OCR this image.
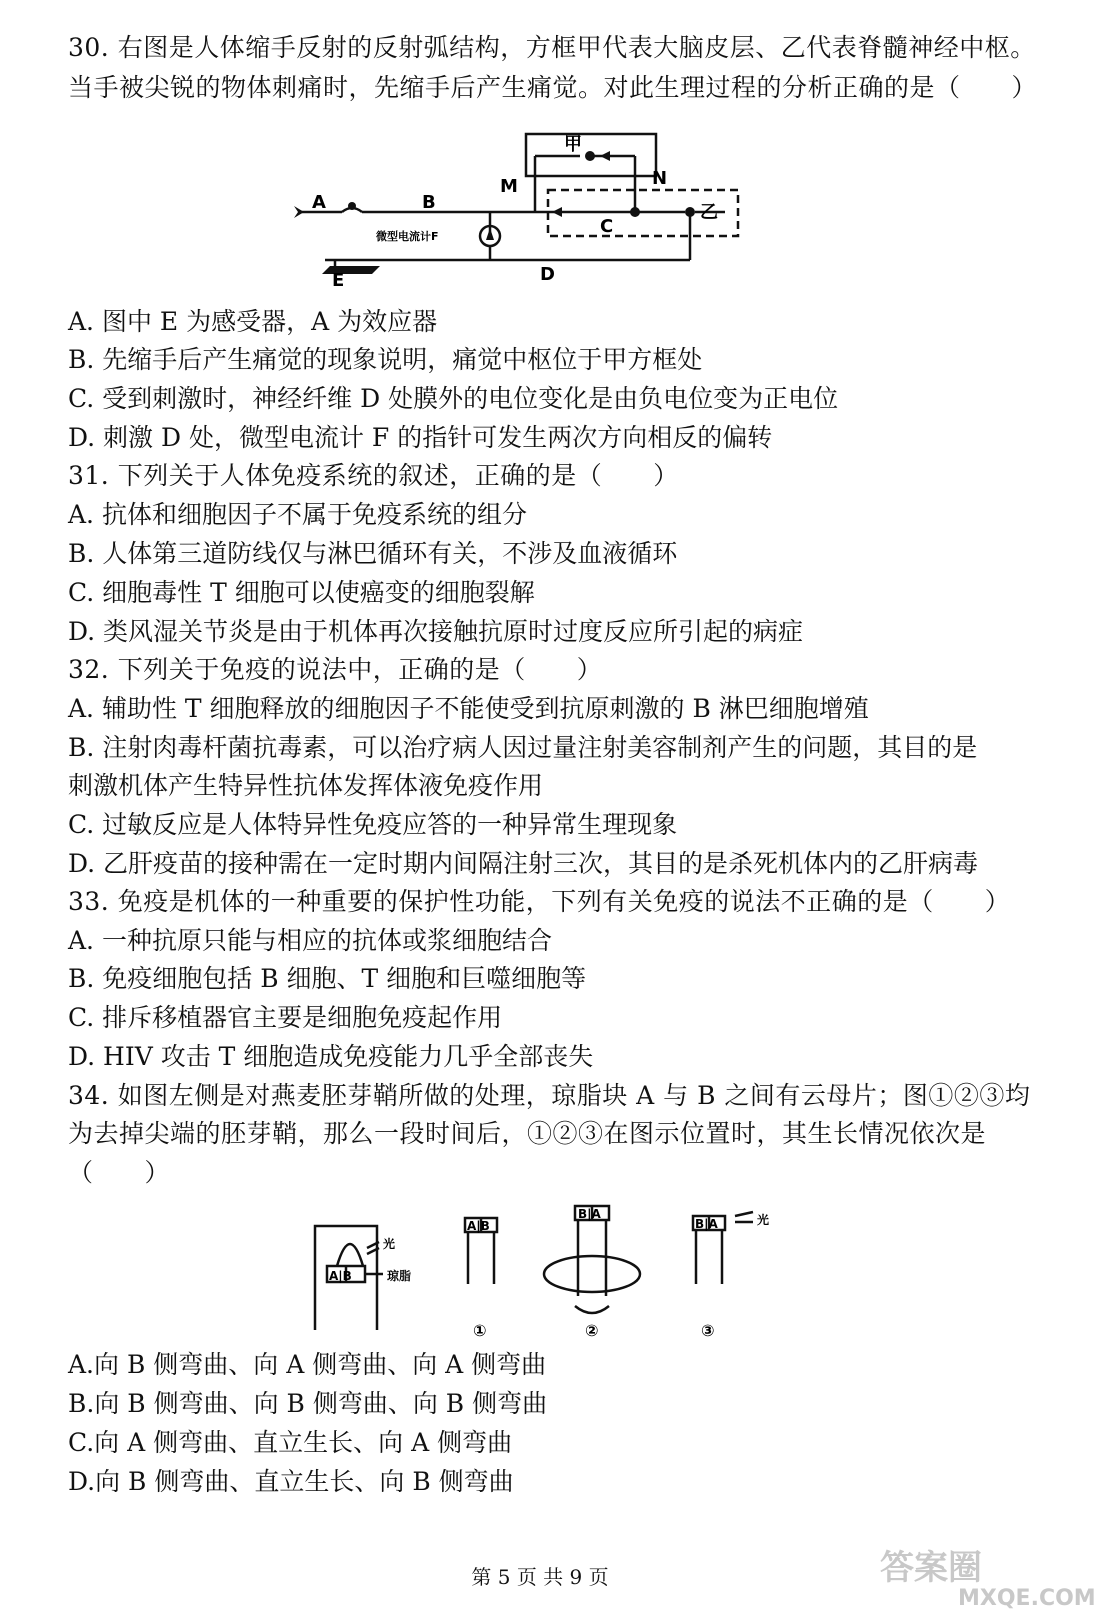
30. 右图是人体缩手反射的反射弧结构，方框甲代表大脑皮层、乙代表脊髓神经中枢。
当手被尖锐的物体刺痛时，先缩手后产生痛觉。对此生理过程的分析正确的是（　　）
A	B
C
D
E
M	N
甲
乙
微型电流计F
A. 图中 E 为感受器，A 为效应器
B. 先缩手后产生痛觉的现象说明，痛觉中枢位于甲方框处
C. 受到刺激时，神经纤维 D 处膜外的电位变化是由负电位变为正电位
D. 刺激 D 处，微型电流计 F 的指针可发生两次方向相反的偏转
31. 下列关于人体免疫系统的叙述，正确的是（　　）
A. 抗体和细胞因子不属于免疫系统的组分
B. 人体第三道防线仅与淋巴循环有关，不涉及血液循环
C. 细胞毒性 T 细胞可以使癌变的细胞裂解
D. 类风湿关节炎是由于机体再次接触抗原时过度反应所引起的病症
32. 下列关于免疫的说法中，正确的是（　　）
A. 辅助性 T 细胞释放的细胞因子不能使受到抗原刺激的 B 淋巴细胞增殖
B. 注射肉毒杆菌抗毒素，可以治疗病人因过量注射美容制剂产生的问题，其目的是
刺激机体产生特异性抗体发挥体液免疫作用
C. 过敏反应是人体特异性免疫应答的一种异常生理现象
D. 乙肝疫苗的接种需在一定时期内间隔注射三次，其目的是杀死机体内的乙肝病毒
33. 免疫是机体的一种重要的保护性功能，下列有关免疫的说法不正确的是（　　）
A. 一种抗原只能与相应的抗体或浆细胞结合
B. 免疫细胞包括 B 细胞、T 细胞和巨噬细胞等
C. 排斥移植器官主要是细胞免疫起作用
D. HIV 攻击 T 细胞造成免疫能力几乎全部丧失
34. 如图左侧是对燕麦胚芽鞘所做的处理，琼脂块 A 与 B 之间有云母片；图①②③均
为去掉尖端的胚芽鞘，那么一段时间后，①②③在图示位置时，其生长情况依次是
（　　）
A|B
光
琼脂
A|B
B|A
B|A	光
①	②	③
A.向 B 侧弯曲、向 A 侧弯曲、向 A 侧弯曲
B.向 B 侧弯曲、向 B 侧弯曲、向 B 侧弯曲
C.向 A 侧弯曲、直立生长、向 A 侧弯曲
D.向 B 侧弯曲、直立生长、向 B 侧弯曲
第 5 页 共 9 页	答案圈
MXQE.COM
